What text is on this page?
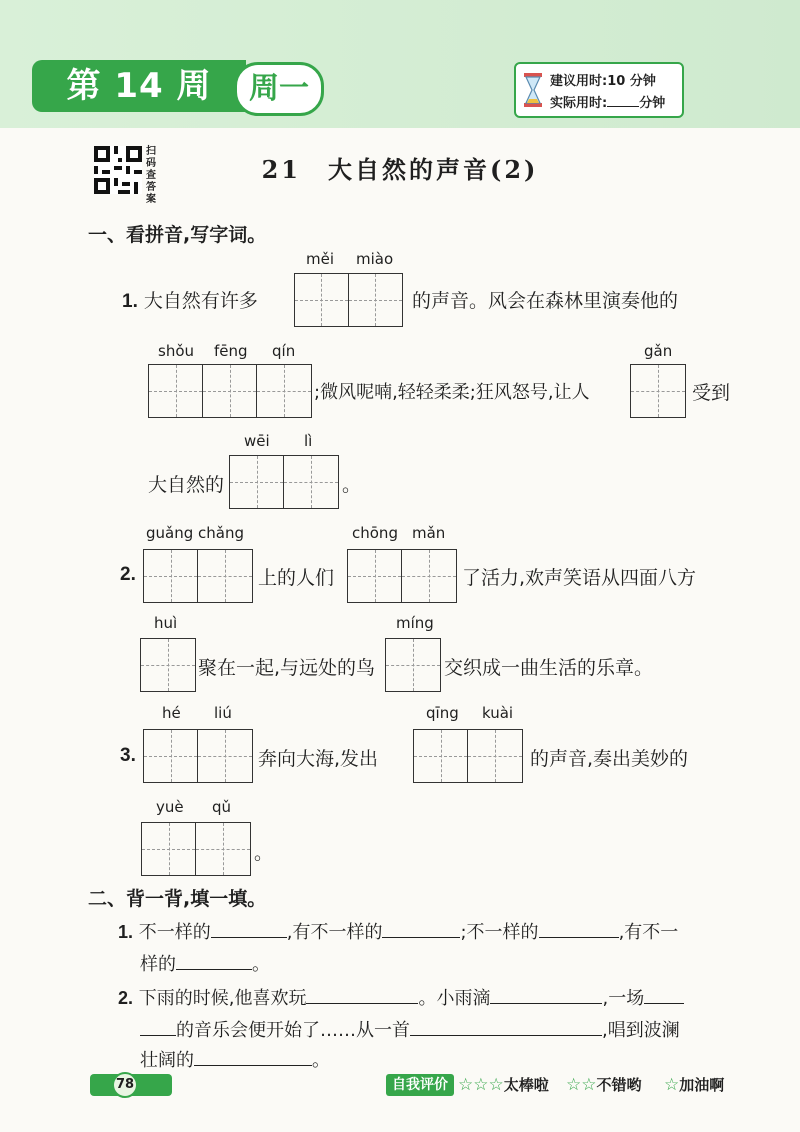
第 14 周	周一	建议用时:10 分钟
实际用时: 分钟
扫码查答案
21　大自然的声音(2)
一、看拼音,写字词。
1. 大自然有许多
měi miào
的声音。风会在森林里演奏他的
shǒu fēng qín
;微风呢喃,轻轻柔柔;狂风怒号,让人
gǎn
受到
wēi lì
大自然的	。
guǎng chǎng
2.	上的人们
chōng mǎn
了活力,欢声笑语从四面八方
huì
聚在一起,与远处的鸟
míng
交织成一曲生活的乐章。
hé liú
3.	奔向大海,发出
qīng kuài
的声音,奏出美妙的
yuè qǔ
。
二、背一背,填一填。
1. 不一样的	,有不一样的	;不一样的	,有不一
样的	。
2. 下雨的时候,他喜欢玩	。小雨滴	,一场
的音乐会便开始了……从一首	,唱到波澜
壮阔的	。
78	自我评价 ☆☆☆太棒啦 ☆☆不错哟 ☆加油啊
